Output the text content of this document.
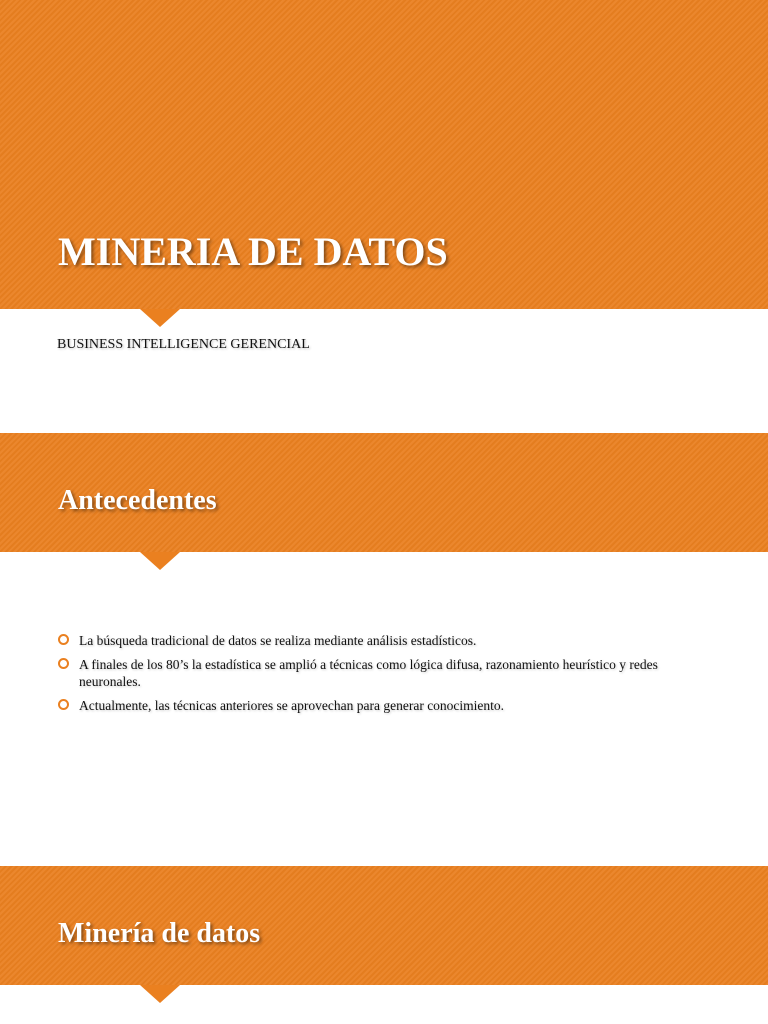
MINERIA DE DATOS
BUSINESS INTELLIGENCE GERENCIAL
Antecedentes
La búsqueda tradicional de datos se realiza mediante análisis estadísticos.
A finales de los 80’s la estadística se amplió a técnicas como lógica difusa, razonamiento heurístico y redes neuronales.
Actualmente, las técnicas anteriores se aprovechan para generar conocimiento.
Minería de datos
